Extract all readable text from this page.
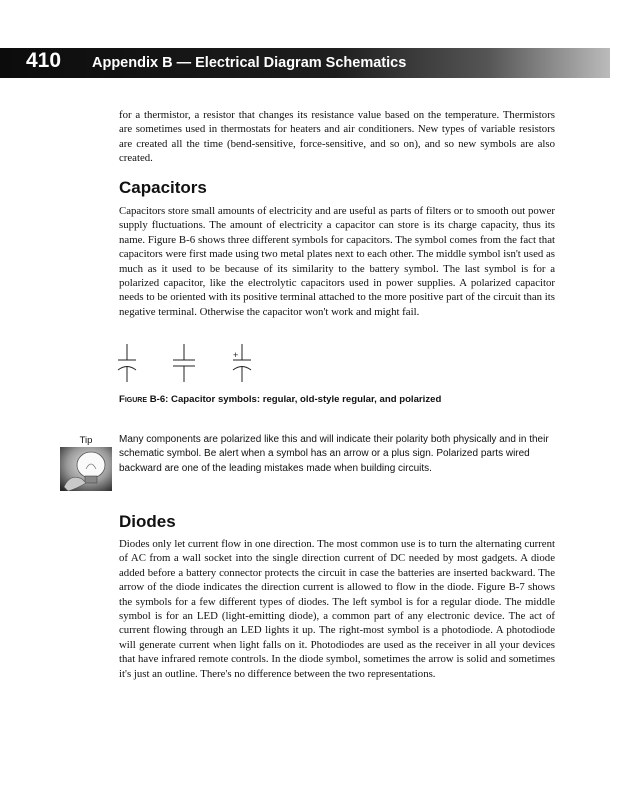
410 Appendix B — Electrical Diagram Schematics

for a thermistor, a resistor that changes its resistance value based on the temperature. Thermistors are sometimes used in thermostats for heaters and air conditioners. New types of variable resistors are created all the time (bend-sensitive, force-sensitive, and so on), and so new symbols are also created.

Capacitors

Capacitors store small amounts of electricity and are useful as parts of filters or to smooth out power supply fluctuations. The amount of electricity a capacitor can store is its charge capacity, thus its name. Figure B-6 shows three different symbols for capacitors. The symbol comes from the fact that capacitors were first made using two metal plates next to each other. The middle symbol isn't used as much as it used to be because of its similarity to the battery symbol. The last symbol is for a polarized capacitor, like the electrolytic capacitors used in power supplies. A polarized capacitor needs to be oriented with its positive terminal attached to the more positive part of the circuit than its negative terminal. Otherwise the capacitor won't work and might fail.

+

Figure B-6: Capacitor symbols: regular, old-style regular, and polarized

Tip	Many components are polarized like this and will indicate their polarity both physically and in their schematic symbol. Be alert when a symbol has an arrow or a plus sign. Polarized parts wired backward are one of the leading mistakes made when building circuits.

Diodes

Diodes only let current flow in one direction. The most common use is to turn the alternating current of AC from a wall socket into the single direction current of DC needed by most gadgets. A diode added before a battery connector protects the circuit in case the batteries are inserted backward. The arrow of the diode indicates the direction current is allowed to flow in the diode. Figure B-7 shows the symbols for a few different types of diodes. The left symbol is for a regular diode. The middle symbol is for an LED (light-emitting diode), a common part of any electronic device. The act of current flowing through an LED lights it up. The right-most symbol is a photodiode. A photodiode will generate current when light falls on it. Photodiodes are used as the receiver in all your devices that have infrared remote controls. In the diode symbol, sometimes the arrow is solid and sometimes it's just an outline. There's no difference between the two representations.
